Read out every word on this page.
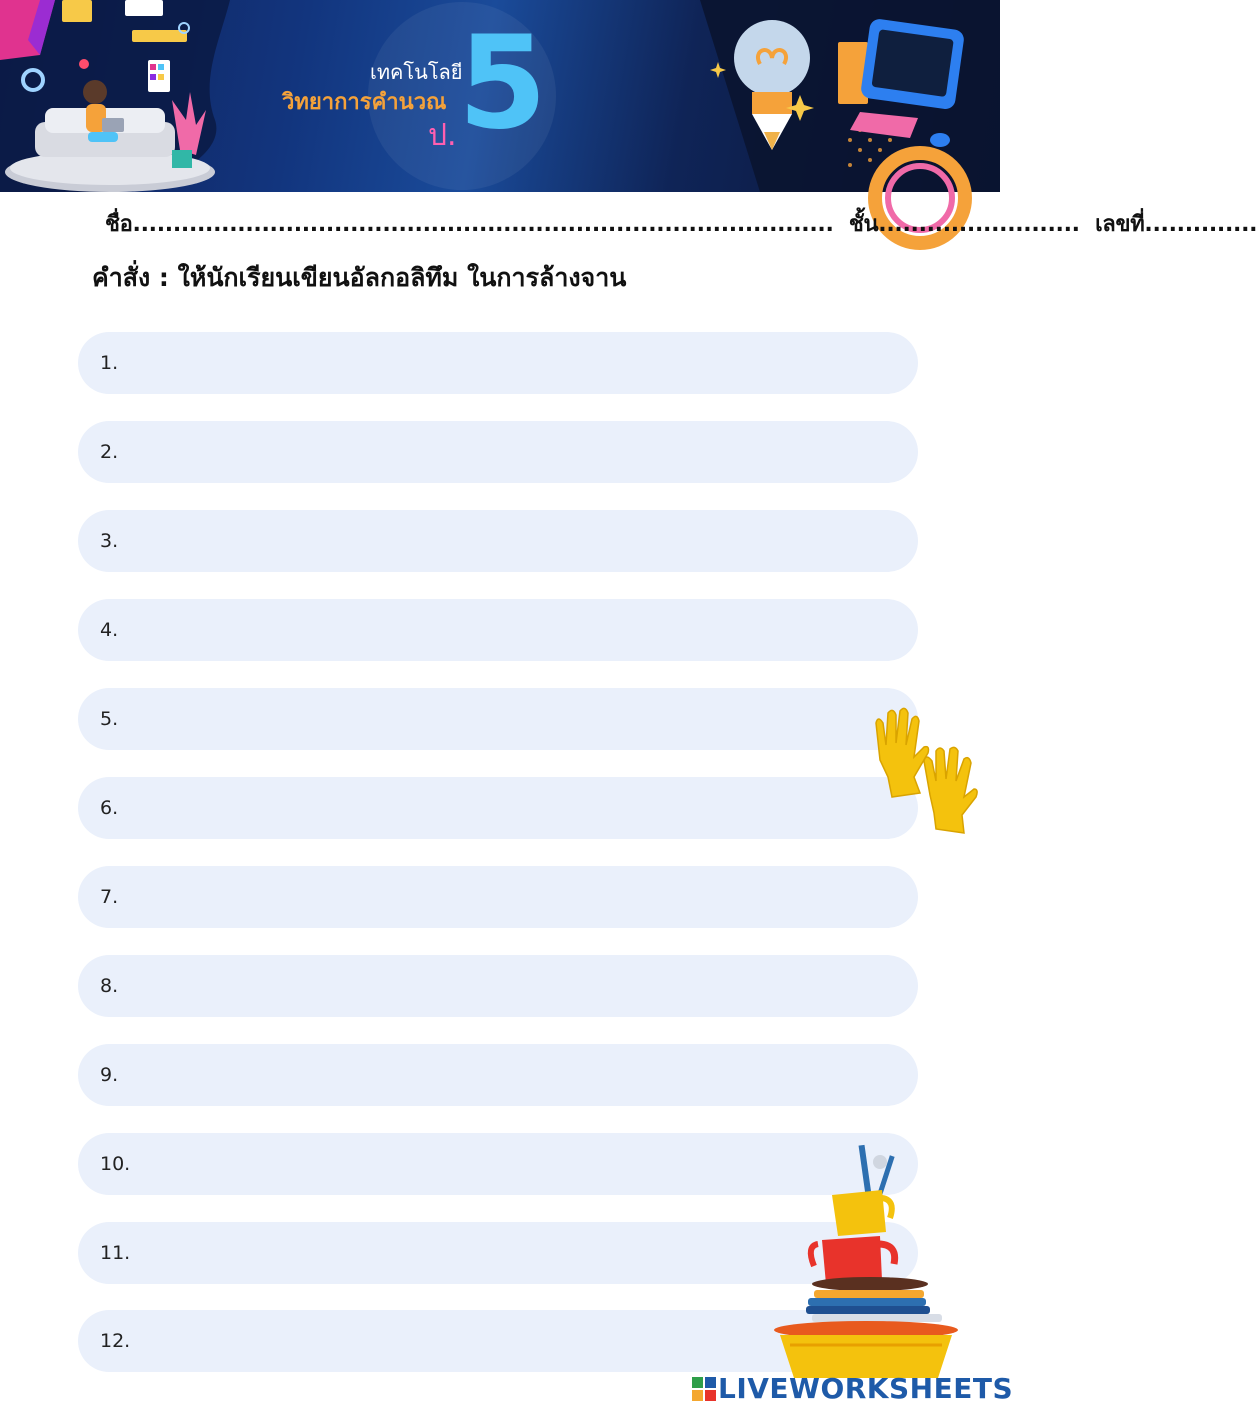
เทคโนโลยี
วิทยาการคำนวณ
ป. 5
ชื่อ....................................................................................... ชั้น......................... เลขที่..............
คำสั่ง : ให้นักเรียนเขียนอัลกอลิทึม ในการล้างจาน
1.
2.
3.
4.
5.
6.
7.
8.
9.
10.
11.
12.
LIVEWORKSHEETS
